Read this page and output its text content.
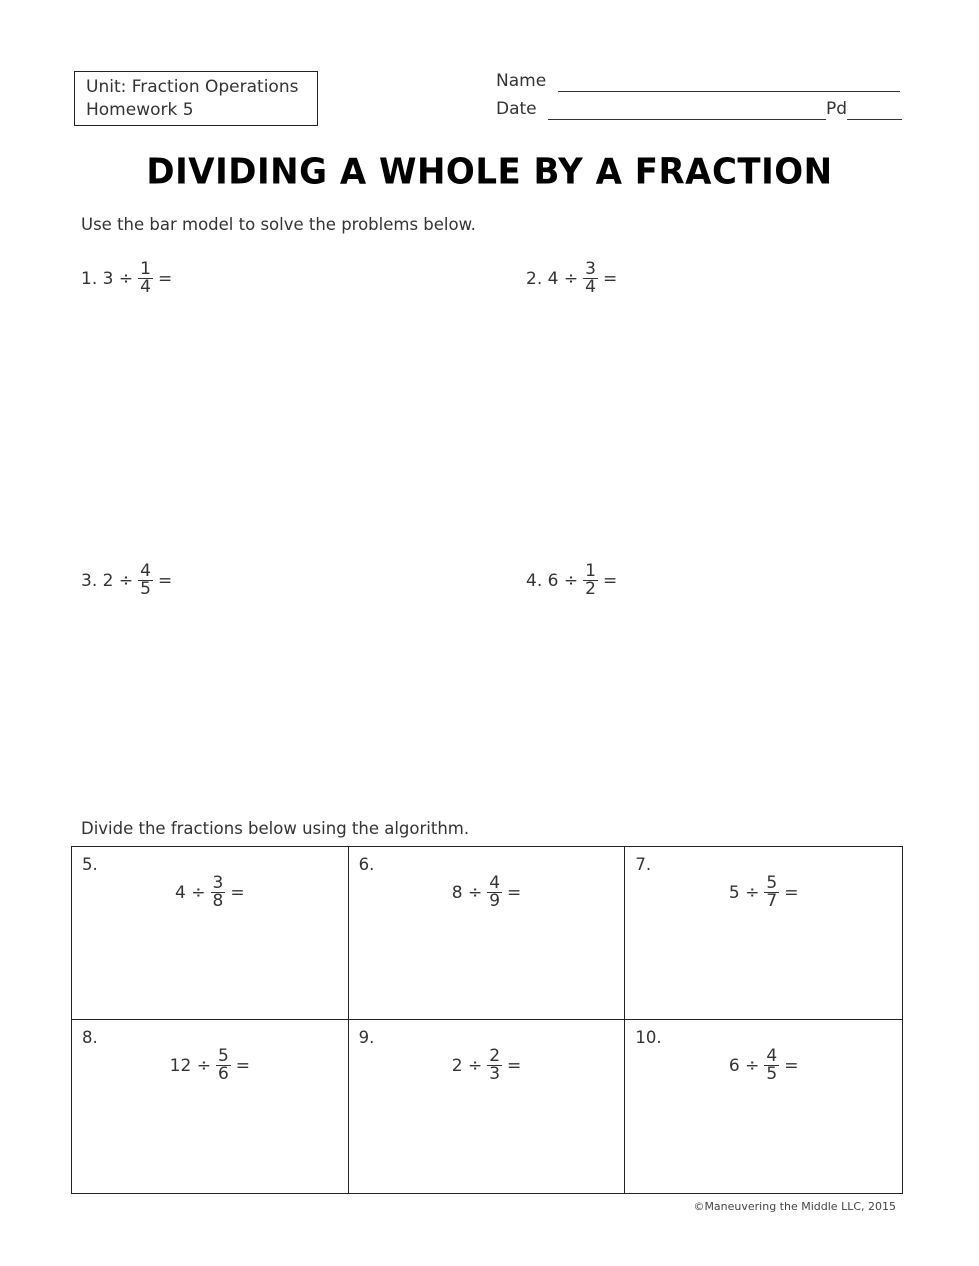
Unit: Fraction Operations
Homework 5
Name
Date	Pd
DIVIDING A WHOLE BY A FRACTION
Use the bar model to solve the problems below.
1.
3
÷ $\frac{1}{4}$ =	2.
4
÷ $\frac{3}{4}$ =
3.
2
÷ $\frac{4}{5}$ =	4.
6
÷ $\frac{1}{2}$ =
Divide the fractions below using the algorithm.
5.
4
÷ $\frac{3}{8}$ =
6.
8
÷ $\frac{4}{9}$ =
7.
5
÷ $\frac{5}{7}$ =
8.
12
÷ $\frac{5}{6}$ =
9.
2
÷ $\frac{2}{3}$ =
10.
6
÷ $\frac{4}{5}$ =
©Maneuvering the Middle LLC, 2015
